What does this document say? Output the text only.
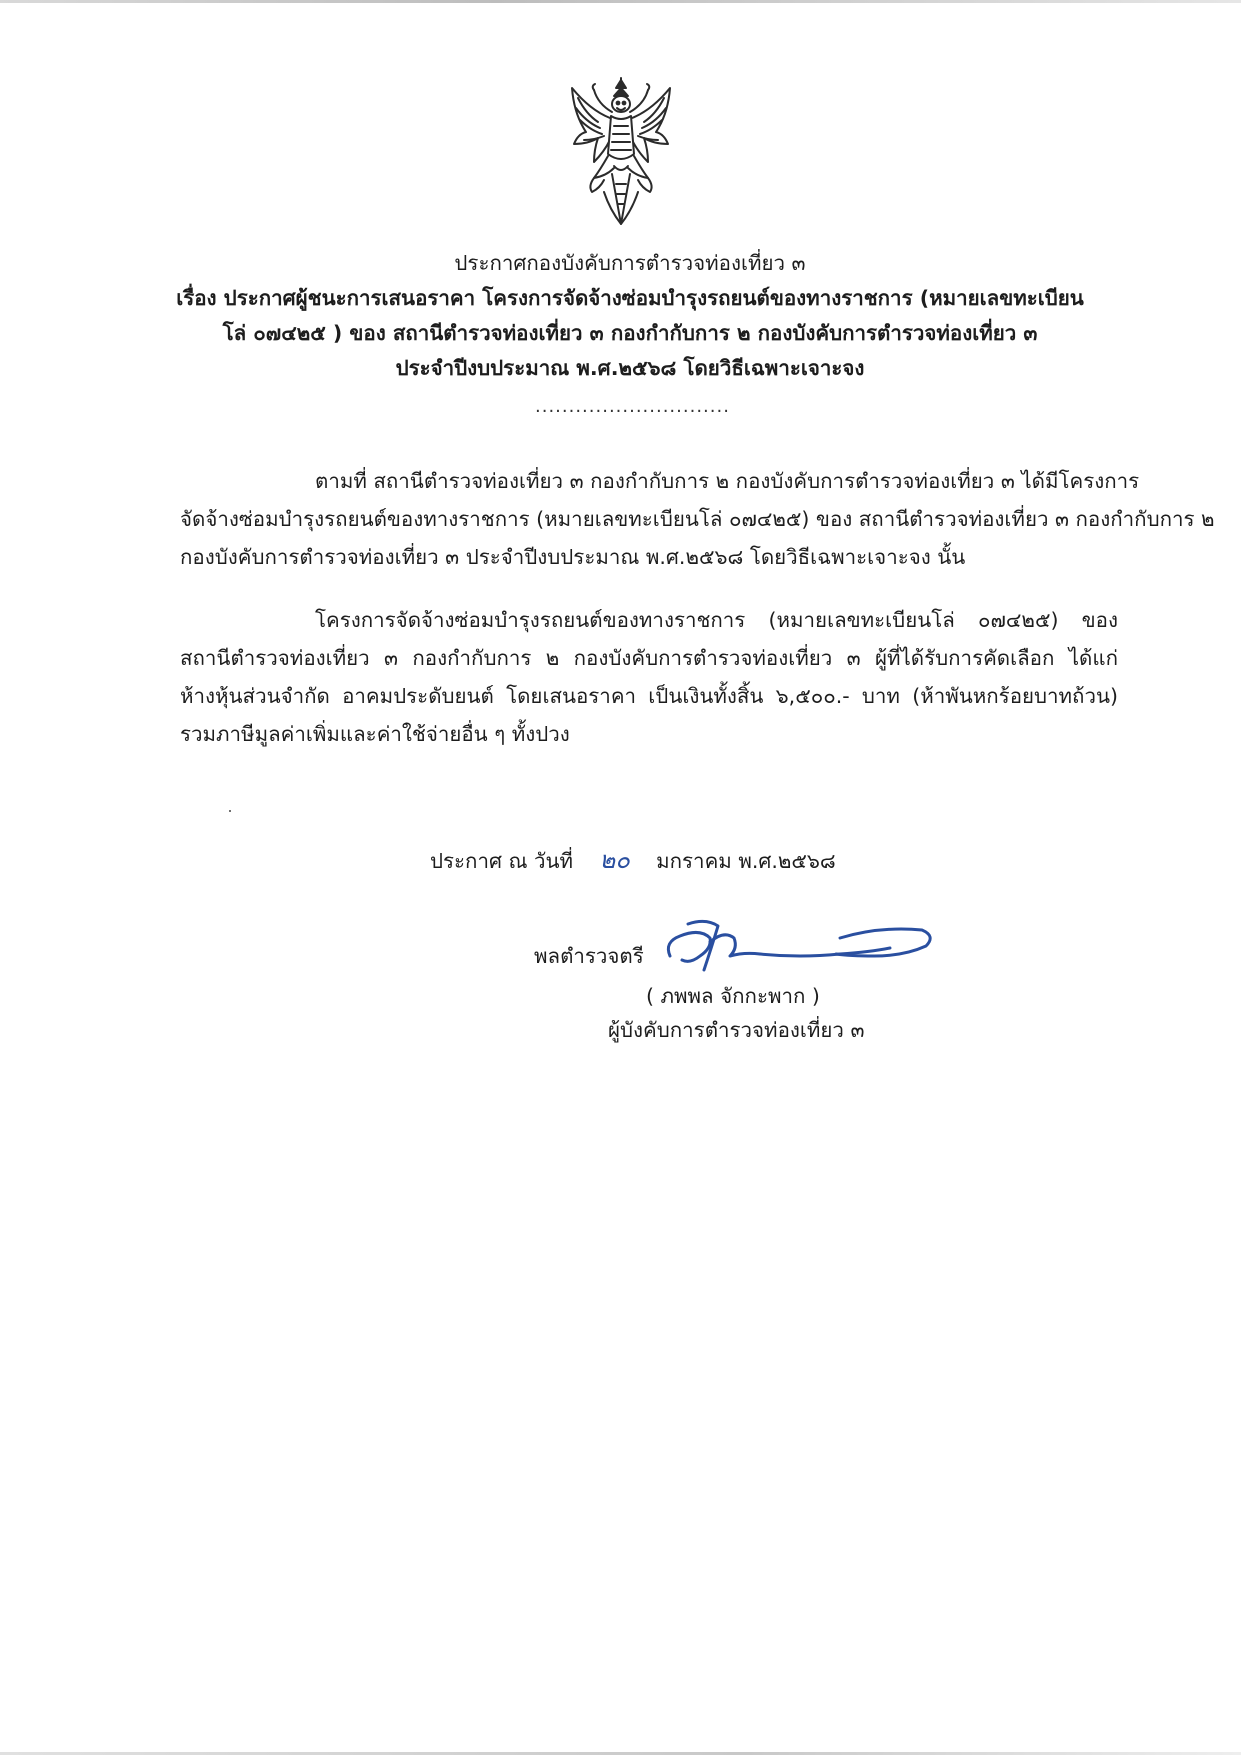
ประกาศกองบังคับการตำรวจท่องเที่ยว ๓
เรื่อง ประกาศผู้ชนะการเสนอราคา โครงการจัดจ้างซ่อมบำรุงรถยนต์ของทางราชการ (หมายเลขทะเบียน
โล่ ๐๗๔๒๕ ) ของ สถานีตำรวจท่องเที่ยว ๓ กองกำกับการ ๒ กองบังคับการตำรวจท่องเที่ยว ๓
ประจำปีงบประมาณ พ.ศ.๒๕๖๘ โดยวิธีเฉพาะเจาะจง
.............................
ตามที่ สถานีตำรวจท่องเที่ยว ๓ กองกำกับการ ๒ กองบังคับการตำรวจท่องเที่ยว ๓ ได้มีโครงการ
จัดจ้างซ่อมบำรุงรถยนต์ของทางราชการ (หมายเลขทะเบียนโล่ ๐๗๔๒๕) ของ สถานีตำรวจท่องเที่ยว ๓ กองกำกับการ ๒
กองบังคับการตำรวจท่องเที่ยว ๓ ประจำปีงบประมาณ พ.ศ.๒๕๖๘ โดยวิธีเฉพาะเจาะจง นั้น
โครงการจัดจ้างซ่อมบำรุงรถยนต์ของทางราชการ (หมายเลขทะเบียนโล่ ๐๗๔๒๕) ของ
สถานีตำรวจท่องเที่ยว ๓ กองกำกับการ ๒ กองบังคับการตำรวจท่องเที่ยว ๓ ผู้ที่ได้รับการคัดเลือก ได้แก่
ห้างหุ้นส่วนจำกัด อาคมประดับยนต์ โดยเสนอราคา เป็นเงินทั้งสิ้น ๖,๕๐๐.- บาท (ห้าพันหกร้อยบาทถ้วน)
รวมภาษีมูลค่าเพิ่มและค่าใช้จ่ายอื่น ๆ ทั้งปวง
ประกาศ ณ วันที่ ๒๐ มกราคม พ.ศ.๒๕๖๘
พลตำรวจตรี
( ภพพล จักกะพาก )
ผู้บังคับการตำรวจท่องเที่ยว ๓
